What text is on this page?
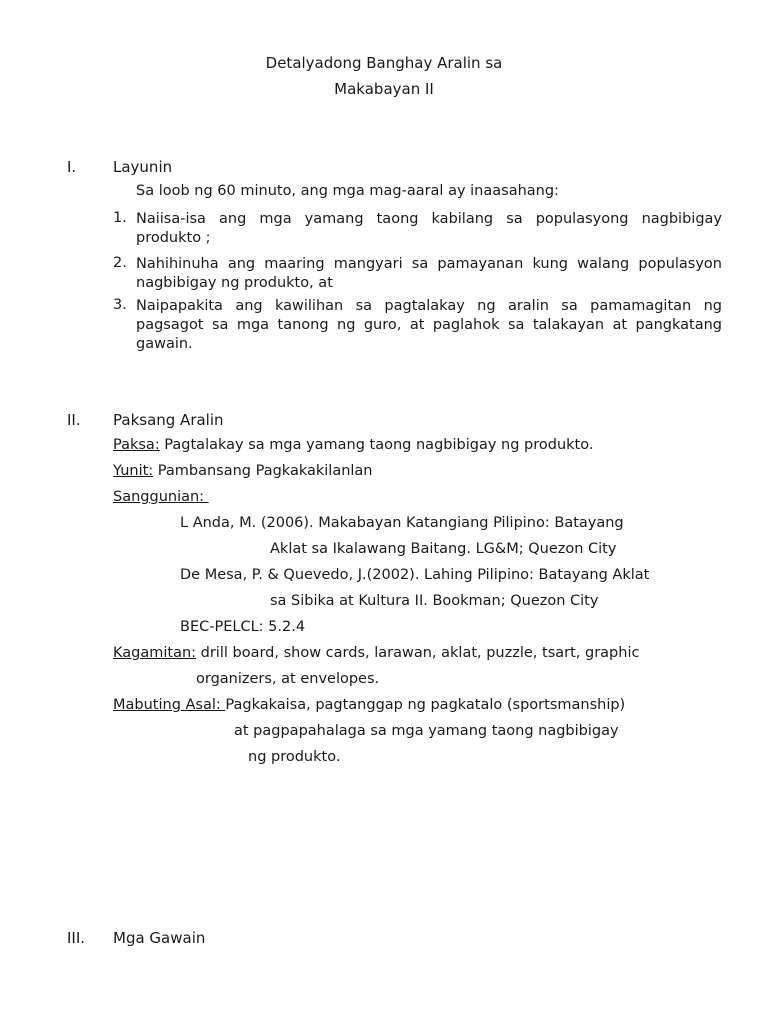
Detalyadong Banghay Aralin sa
Makabayan II
I. Layunin
Sa loob ng 60 minuto, ang mga mag-aaral ay inaasahang:
1. Naiisa-isa ang mga yamang taong kabilang sa populasyong nagbibigay produkto ;
2. Nahihinuha ang maaring mangyari sa pamayanan kung walang populasyon nagbibigay ng produkto, at
3. Naipapakita ang kawilihan sa pagtalakay ng aralin sa pamamagitan ng pagsagot sa mga tanong ng guro, at paglahok sa talakayan at pangkatang gawain.
II. Paksang Aralin
Paksa: Pagtalakay sa mga yamang taong nagbibigay ng produkto.
Yunit: Pambansang Pagkakakilanlan
Sanggunian:
L Anda, M. (2006). Makabayan Katangiang Pilipino: Batayang
Aklat sa Ikalawang Baitang. LG&M; Quezon City
De Mesa, P. & Quevedo, J.(2002). Lahing Pilipino: Batayang Aklat
sa Sibika at Kultura II. Bookman; Quezon City
BEC-PELCL: 5.2.4
Kagamitan: drill board, show cards, larawan, aklat, puzzle, tsart, graphic
organizers, at envelopes.
Mabuting Asal: Pagkakaisa, pagtanggap ng pagkatalo (sportsmanship)
at pagpapahalaga sa mga yamang taong nagbibigay
ng produkto.
III. Mga Gawain
